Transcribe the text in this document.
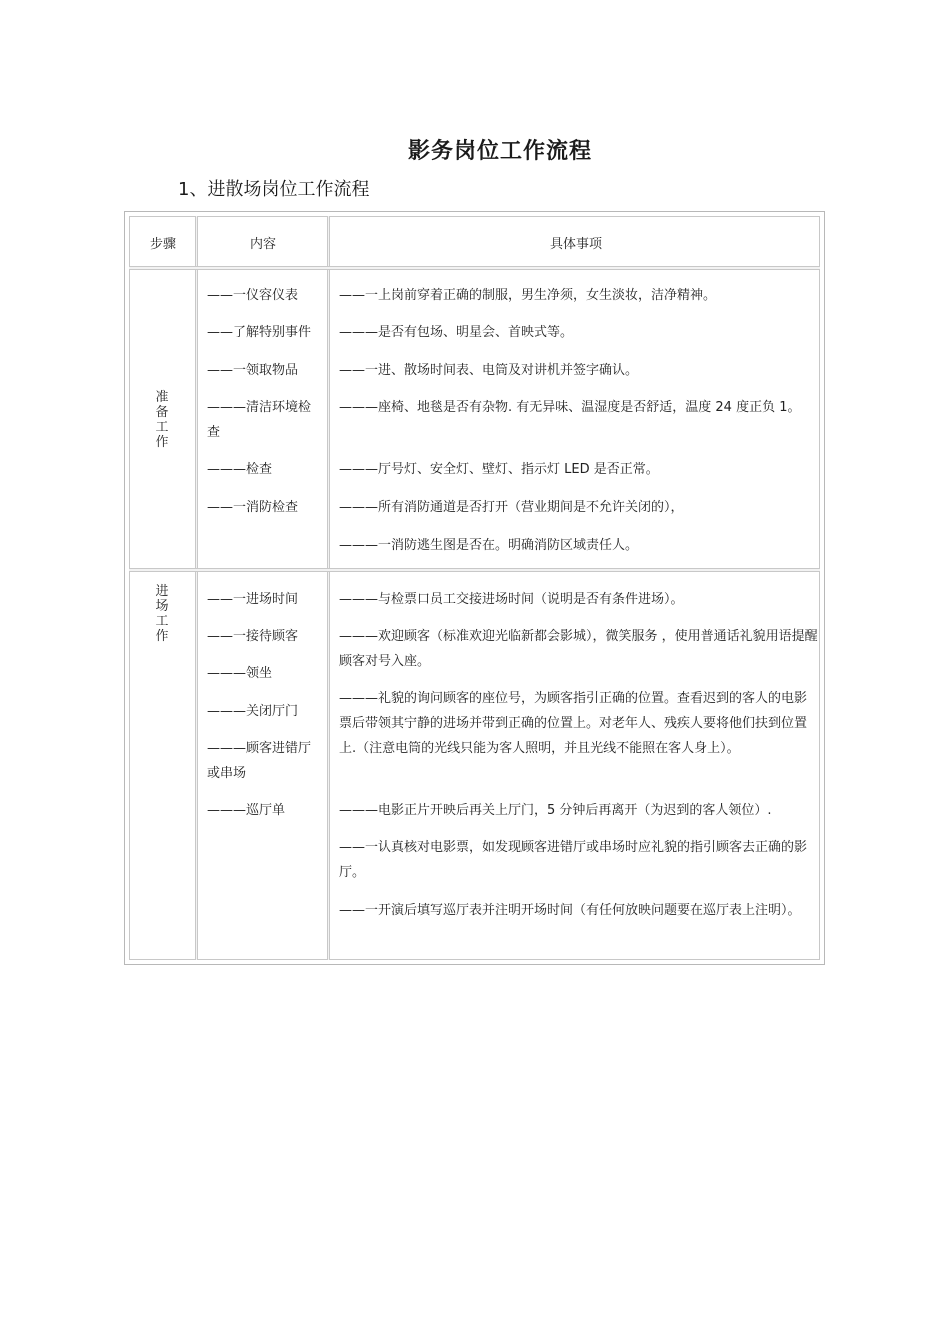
影务岗位工作流程
1、进散场岗位工作流程
步骤	内容	具体事项
准备工作
——一仪容仪表
——了解特别事件
——一领取物品
———清洁环境检查
———检查
——一消防检查
——一上岗前穿着正确的制服，男生净须，女生淡妆，洁净精神。
———是否有包场、明星会、首映式等。
——一进、散场时间表、电筒及对讲机并签字确认。
———座椅、地毯是否有杂物. 有无异味、温湿度是否舒适，温度 24 度正负 1。
———厅号灯、安全灯、壁灯、指示灯 LED 是否正常。
———所有消防通道是否打开（营业期间是不允许关闭的），
———一消防逃生图是否在。明确消防区域责任人。
进场工作
——一进场时间
——一接待顾客
———领坐
———关闭厅门
———顾客进错厅或串场
———巡厅单
———与检票口员工交接进场时间（说明是否有条件进场）。
———欢迎顾客（标准欢迎光临新都会影城），微笑服务 ，使用普通话礼貌用语提醒顾客对号入座。
———礼貌的询问顾客的座位号，为顾客指引正确的位置。查看迟到的客人的电影票后带领其宁静的进场并带到正确的位置上。对老年人、残疾人要将他们扶到位置上.（注意电筒的光线只能为客人照明，并且光线不能照在客人身上）。
———电影正片开映后再关上厅门，5 分钟后再离开（为迟到的客人领位）.
——一认真核对电影票，如发现顾客进错厅或串场时应礼貌的指引顾客去正确的影厅。
——一开演后填写巡厅表并注明开场时间（有任何放映问题要在巡厅表上注明）。
